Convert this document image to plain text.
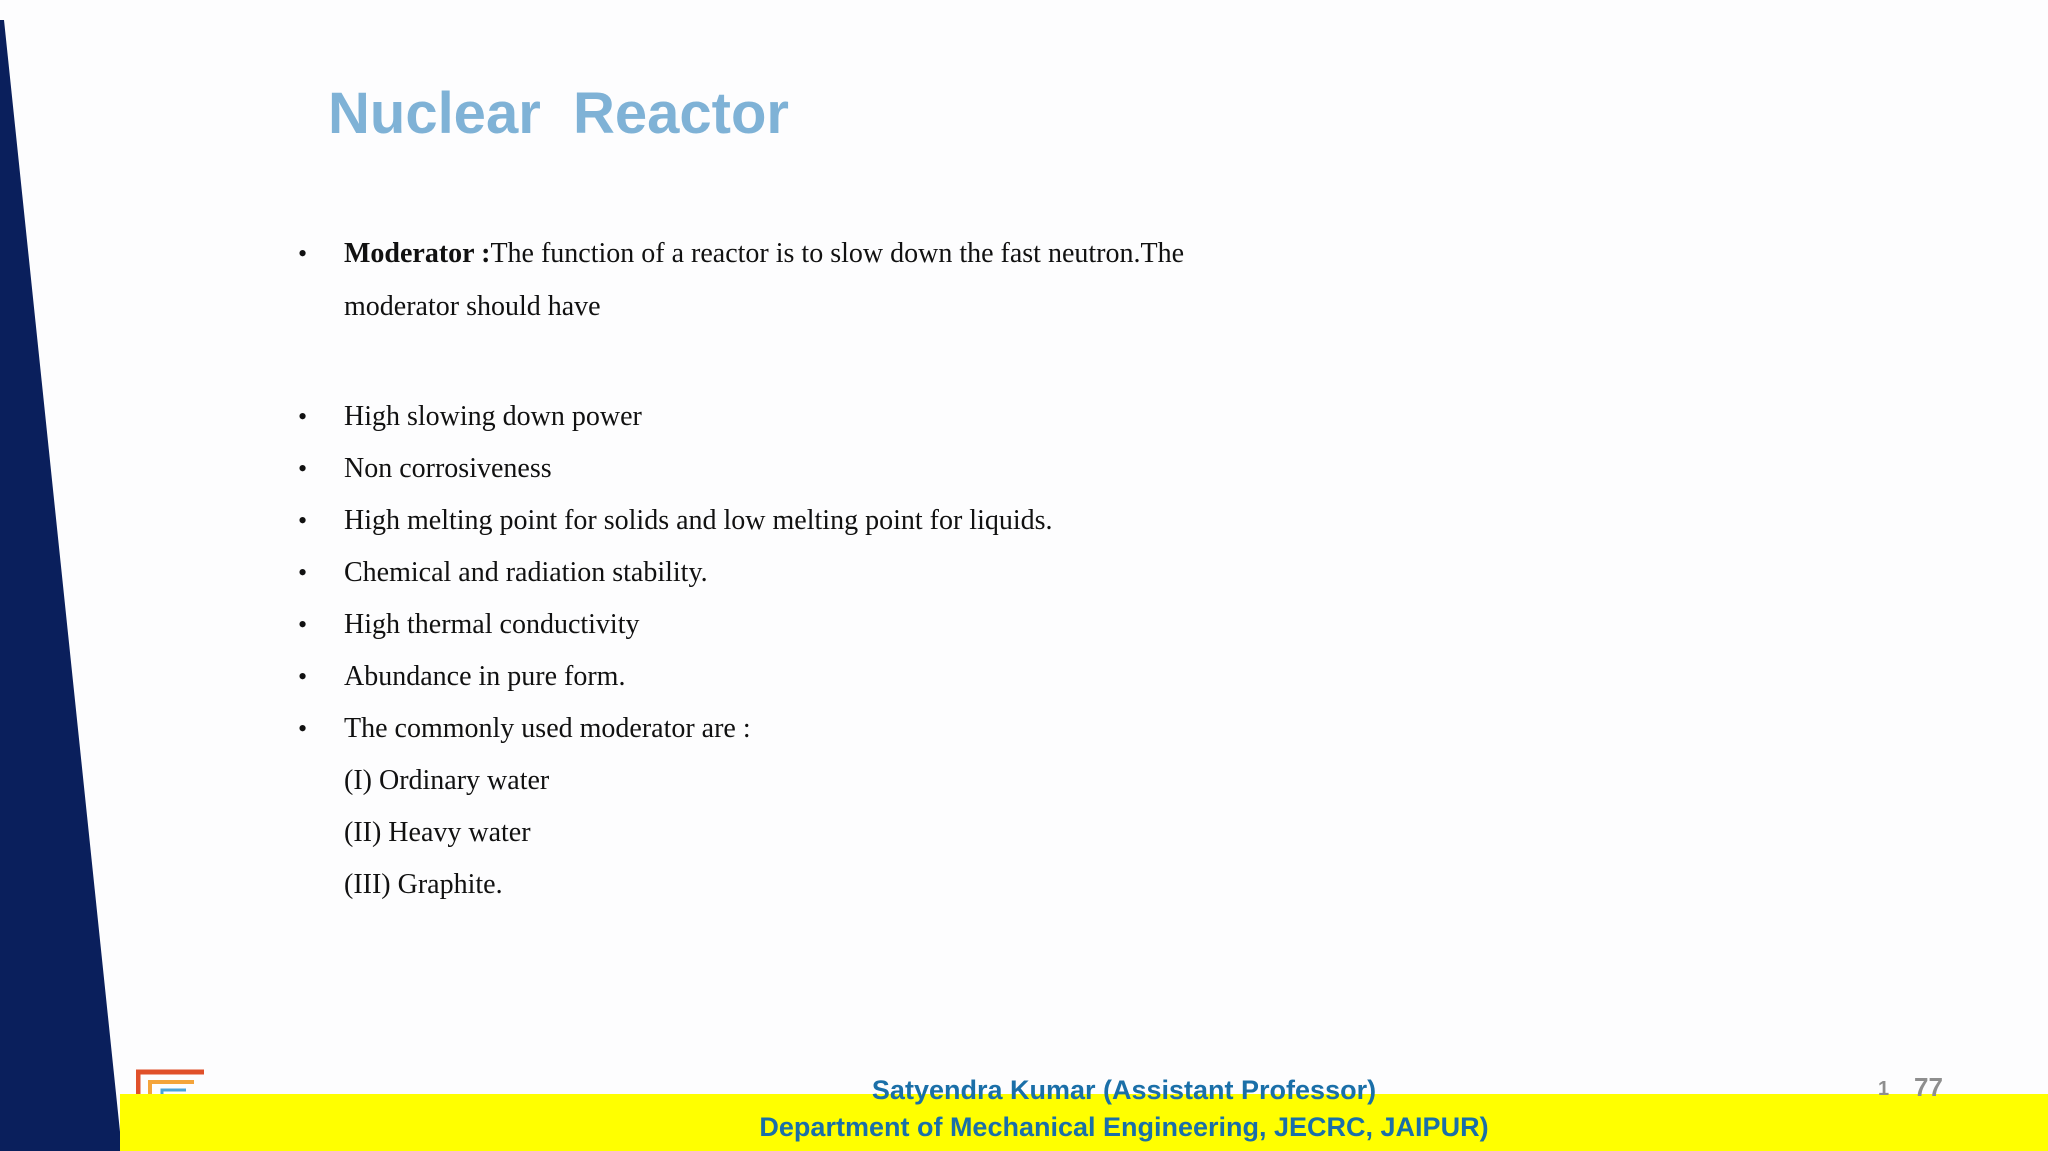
Nuclear  Reactor
• Moderator :The function of a reactor is to slow down the fast neutron.The
moderator should have
• High slowing down power
• Non corrosiveness
• High melting point for solids and low melting point for liquids.
• Chemical and radiation stability.
• High thermal conductivity
• Abundance in pure form.
• The commonly used moderator are :
(I) Ordinary water
(II) Heavy water
(III) Graphite.
Satyendra Kumar (Assistant Professor)
Department of Mechanical Engineering, JECRC, JAIPUR)
1 77
